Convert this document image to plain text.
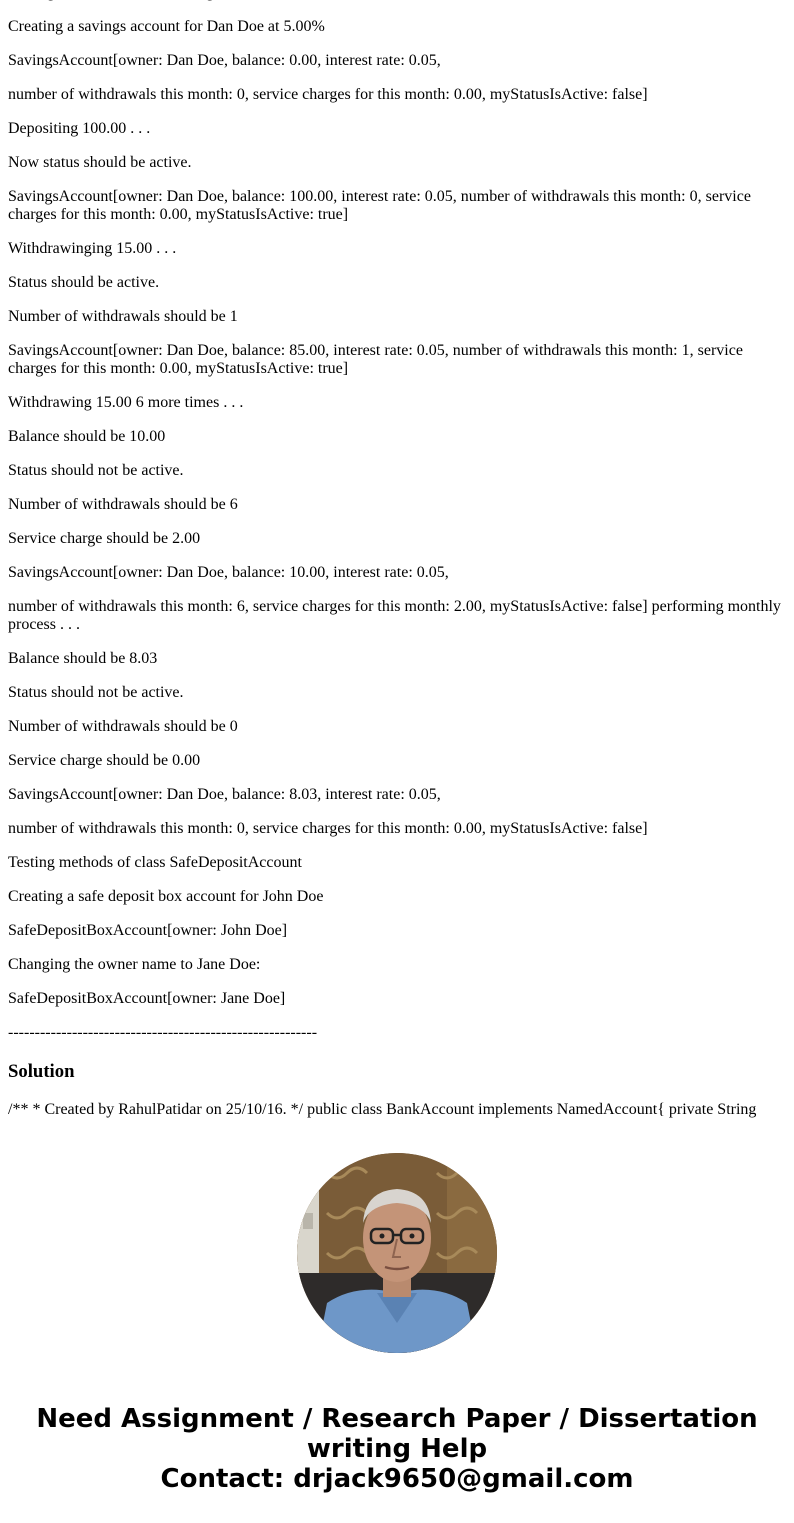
Creating a savings account for Dan Doe at 5.00%

SavingsAccount[owner: Dan Doe, balance: 0.00, interest rate: 0.05,

number of withdrawals this month: 0, service charges for this month: 0.00, myStatusIsActive: false]

Depositing 100.00 . . .

Now status should be active.

SavingsAccount[owner: Dan Doe, balance: 100.00, interest rate: 0.05, number of withdrawals this month: 0, service charges for this month: 0.00, myStatusIsActive: true]

Withdrawinging 15.00 . . .

Status should be active.

Number of withdrawals should be 1

SavingsAccount[owner: Dan Doe, balance: 85.00, interest rate: 0.05, number of withdrawals this month: 1, service charges for this month: 0.00, myStatusIsActive: true]

Withdrawing 15.00 6 more times . . .

Balance should be 10.00

Status should not be active.

Number of withdrawals should be 6

Service charge should be 2.00

SavingsAccount[owner: Dan Doe, balance: 10.00, interest rate: 0.05,

number of withdrawals this month: 6, service charges for this month: 2.00, myStatusIsActive: false] performing monthly process . . .

Balance should be 8.03

Status should not be active.

Number of withdrawals should be 0

Service charge should be 0.00

SavingsAccount[owner: Dan Doe, balance: 8.03, interest rate: 0.05,

number of withdrawals this month: 0, service charges for this month: 0.00, myStatusIsActive: false]

Testing methods of class SafeDepositAccount

Creating a safe deposit box account for John Doe

SafeDepositBoxAccount[owner: John Doe]

Changing the owner name to Jane Doe:

SafeDepositBoxAccount[owner: Jane Doe]

----------------------------------------------------------

Solution

/** * Created by RahulPatidar on 25/10/16. */ public class BankAccount implements NamedAccount{ private String

Need Assignment / Research Paper / Dissertation
writing Help
Contact: drjack9650@gmail.com
